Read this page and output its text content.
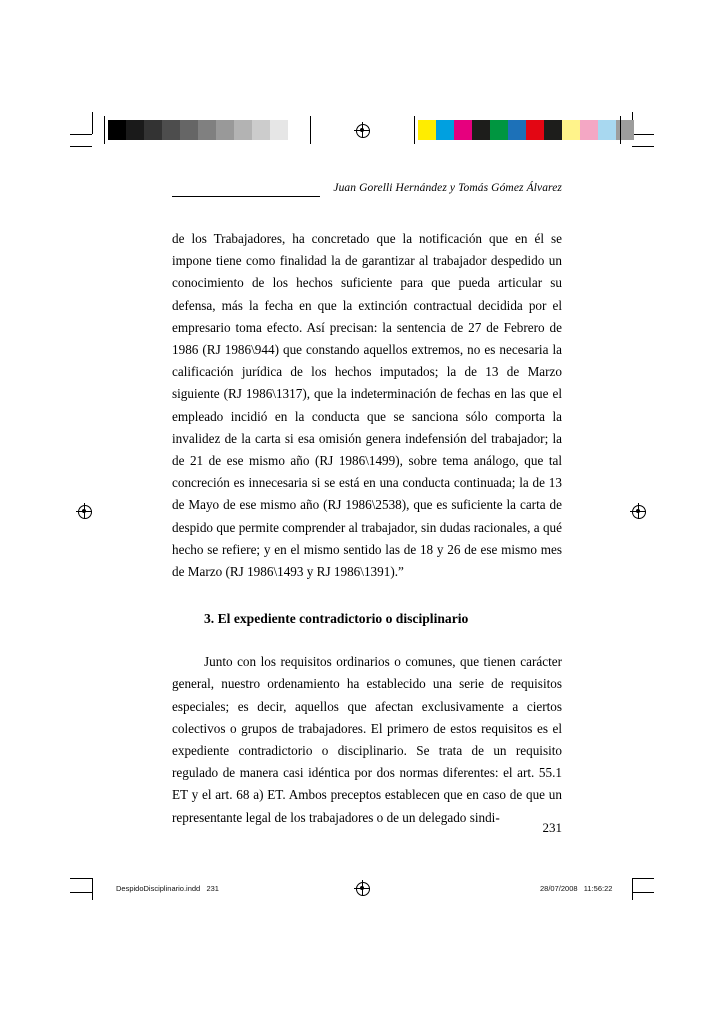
Juan Gorelli Hernández y Tomás Gómez Álvarez

de los Trabajadores, ha concretado que la notificación que en él se impone tiene como finalidad la de garantizar al trabajador despedido un conocimiento de los hechos suficiente para que pueda articular su defensa, más la fecha en que la extinción contractual decidida por el empresario toma efecto. Así precisan: la sentencia de 27 de Febrero de 1986 (RJ 1986\944) que constando aquellos extremos, no es necesaria la calificación jurídica de los hechos imputados; la de 13 de Marzo siguiente (RJ 1986\1317), que la indeterminación de fechas en las que el empleado incidió en la conducta que se sanciona sólo comporta la invalidez de la carta si esa omisión genera indefensión del trabajador; la de 21 de ese mismo año (RJ 1986\1499), sobre tema análogo, que tal concreción es innecesaria si se está en una conducta continuada; la de 13 de Mayo de ese mismo año (RJ 1986\2538), que es suficiente la carta de despido que permite comprender al trabajador, sin dudas racionales, a qué hecho se refiere; y en el mismo sentido las de 18 y 26 de ese mismo mes de Marzo (RJ 1986\1493 y RJ 1986\1391).”

3. El expediente contradictorio o disciplinario

Junto con los requisitos ordinarios o comunes, que tienen carácter general, nuestro ordenamiento ha establecido una serie de requisitos especiales; es decir, aquellos que afectan exclusivamente a ciertos colectivos o grupos de trabajadores. El primero de estos requisitos es el expediente contradictorio o disciplinario. Se trata de un requisito regulado de manera casi idéntica por dos normas diferentes: el art. 55.1 ET y el art. 68 a) ET. Ambos preceptos establecen que en caso de que un representante legal de los trabajadores o de un delegado sindi-

231
DespidoDisciplinario.indd   231	28/07/2008   11:56:22
